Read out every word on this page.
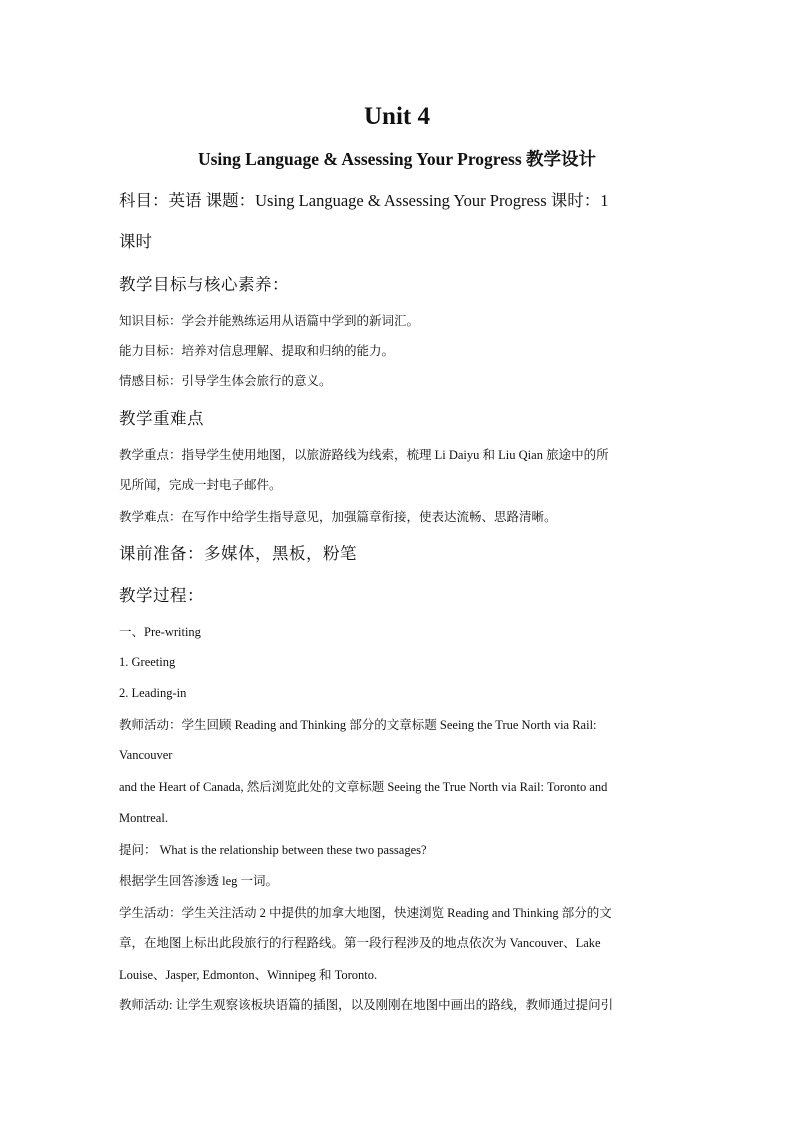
Unit 4
Using Language & Assessing Your Progress 教学设计
科目：英语 课题：Using Language & Assessing Your Progress 课时：1
课时
教学目标与核心素养：
知识目标：学会并能熟练运用从语篇中学到的新词汇。
能力目标：培养对信息理解、提取和归纳的能力。
情感目标：引导学生体会旅行的意义。
教学重难点
教学重点：指导学生使用地图，以旅游路线为线索，梳理 Li Daiyu 和 Liu Qian 旅途中的所
见所闻，完成一封电子邮件。
教学难点：在写作中给学生指导意见，加强篇章衔接，使表达流畅、思路清晰。
课前准备：多媒体，黑板，粉笔
教学过程：
一、Pre-writing
1. Greeting
2. Leading-in
教师活动：学生回顾 Reading and Thinking 部分的文章标题 Seeing the True North via Rail:
Vancouver
and the Heart of Canada, 然后浏览此处的文章标题 Seeing the True North via Rail: Toronto and
Montreal.
提问： What is the relationship between these two passages?
根据学生回答渗透 leg 一词。
学生活动：学生关注活动 2 中提供的加拿大地图，快速浏览 Reading and Thinking 部分的文
章，在地图上标出此段旅行的行程路线。第一段行程涉及的地点依次为 Vancouver、Lake
Louise、Jasper, Edmonton、Winnipeg 和 Toronto.
教师活动: 让学生观察该板块语篇的插图，以及刚刚在地图中画出的路线，教师通过提问引
